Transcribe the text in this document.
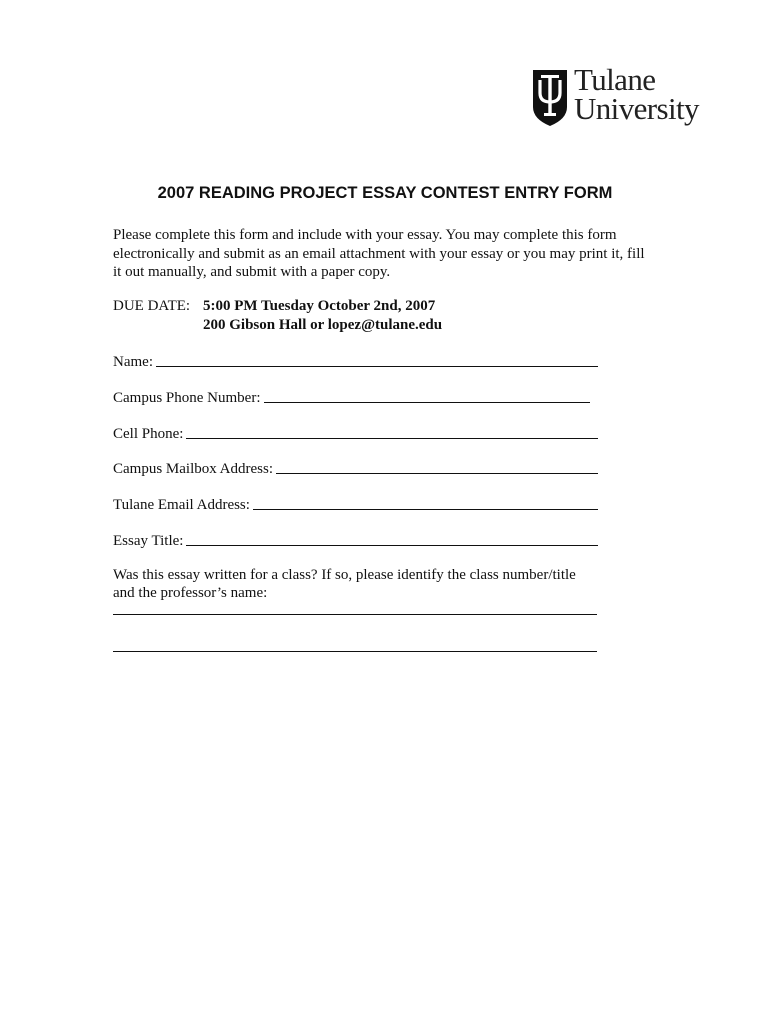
Tulane
University
2007 READING PROJECT ESSAY CONTEST ENTRY FORM
Please complete this form and include with your essay. You may complete this form electronically and submit as an email attachment with your essay or you may print it, fill it out manually, and submit with a paper copy.
DUE DATE: 5:00 PM Tuesday October 2nd, 2007
200 Gibson Hall or lopez@tulane.edu
Name:
Campus Phone Number:
Cell Phone:
Campus Mailbox Address:
Tulane Email Address:
Essay Title:
Was this essay written for a class? If so, please identify the class number/title
and the professor’s name:
